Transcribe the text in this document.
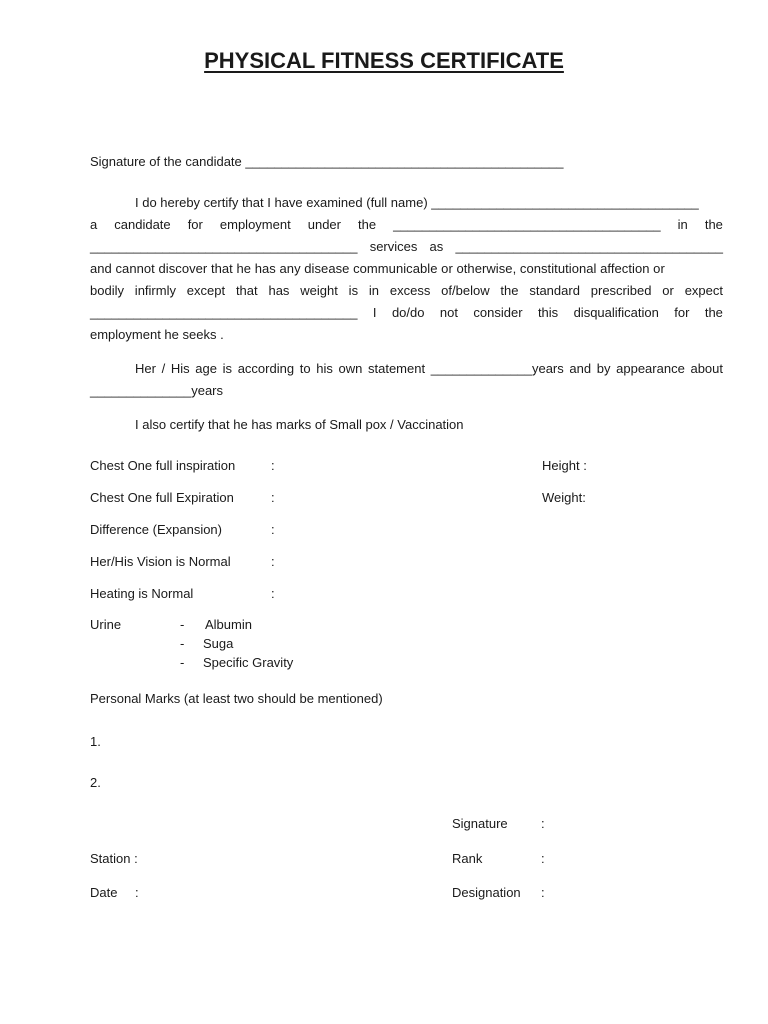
PHYSICAL FITNESS CERTIFICATE
Signature of the candidate ____________________________________________
I do hereby certify that I have examined (full name) _____________________________________
a candidate for employment under the _____________________________________ in the
_____________________________________ services as _____________________________________
and cannot discover that he has any disease communicable or otherwise, constitutional affection or
bodily infirmly except that has weight is in excess of/below the standard prescribed or expect
_____________________________________ I do/do not consider this disqualification for the
employment he seeks .
Her / His age is according to his own statement ______________years and by appearance about
______________years
I also certify that he has marks of Small pox / Vaccination
Chest One full inspiration	:	Height :
Chest One full Expiration	:	Weight:
Difference (Expansion)	:
Her/His Vision is Normal	:
Heating is Normal	:
Urine	- Albumin
- Suga
- Specific Gravity
Personal Marks (at least two should be mentioned)
1.
2.
Signature	:
Station :	Rank	:
Date :	Designation :
